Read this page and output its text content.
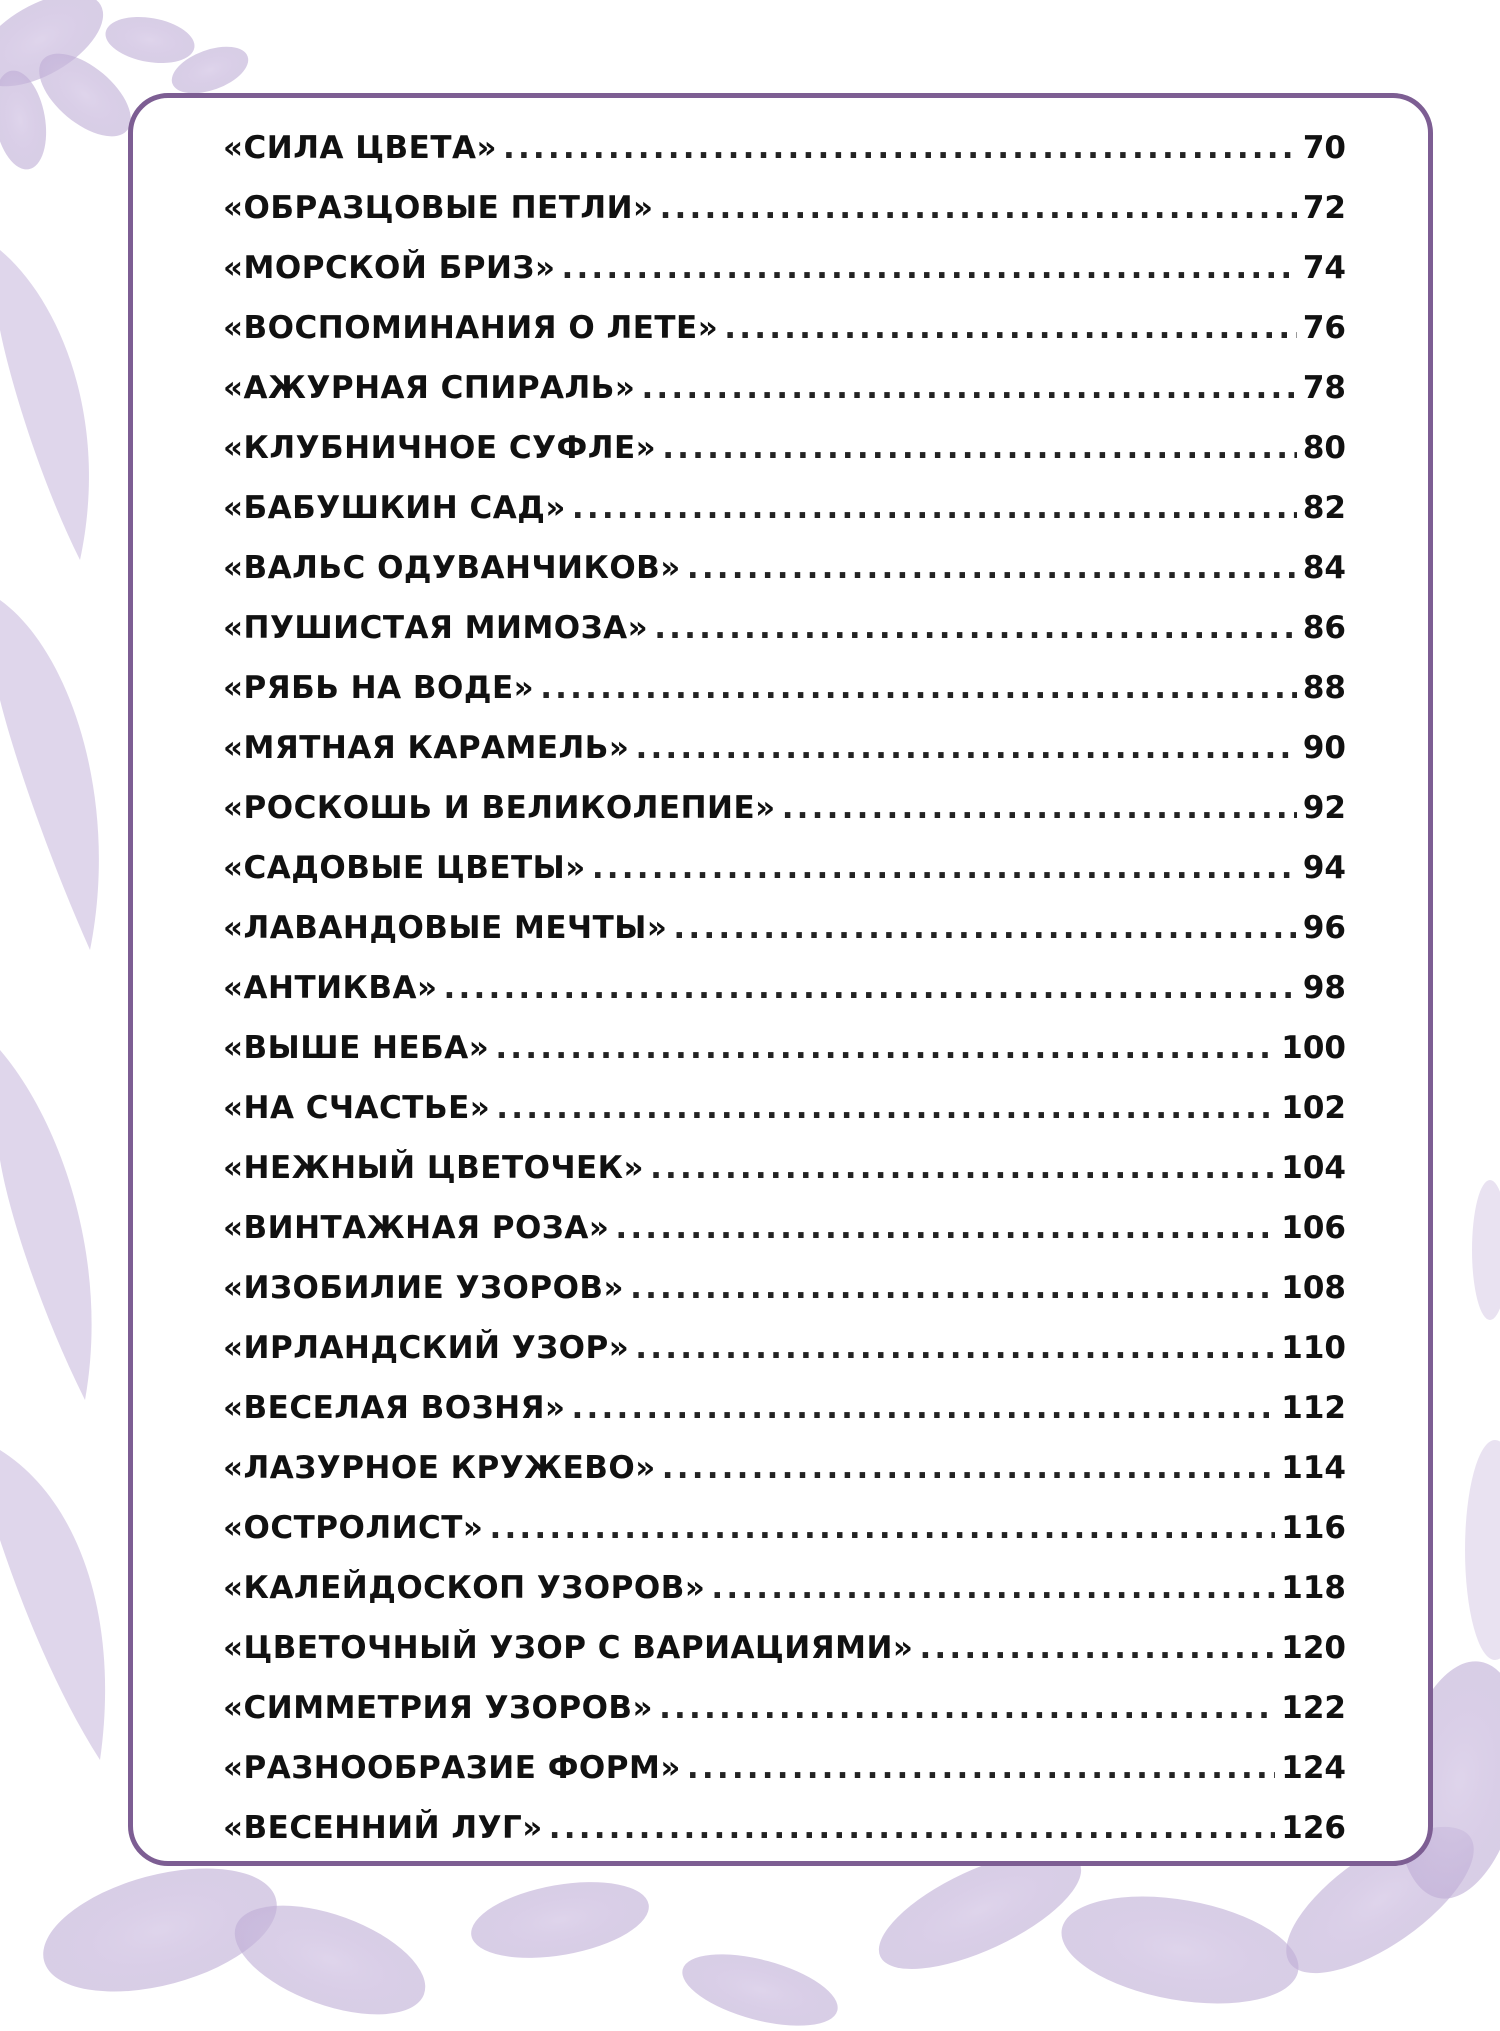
«СИЛА ЦВЕТА» .....	70
«ОБРАЗЦОВЫЕ ПЕТЛИ» .....	72
«МОРСКОЙ БРИЗ» .....	74
«ВОСПОМИНАНИЯ О ЛЕТЕ» .....	76
«АЖУРНАЯ СПИРАЛЬ» .....	78
«КЛУБНИЧНОЕ СУФЛЕ» .....	80
«БАБУШКИН САД» .....	82
«ВАЛЬС ОДУВАНЧИКОВ» .....	84
«ПУШИСТАЯ МИМОЗА» .....	86
«РЯБЬ НА ВОДЕ» .....	88
«МЯТНАЯ КАРАМЕЛЬ» .....	90
«РОСКОШЬ И ВЕЛИКОЛЕПИЕ» .....	92
«САДОВЫЕ ЦВЕТЫ» .....	94
«ЛАВАНДОВЫЕ МЕЧТЫ» .....	96
«АНТИКВА» .....	98
«ВЫШЕ НЕБА» .....	100
«НА СЧАСТЬЕ» .....	102
«НЕЖНЫЙ ЦВЕТОЧЕК» .....	104
«ВИНТАЖНАЯ РОЗА» .....	106
«ИЗОБИЛИЕ УЗОРОВ» .....	108
«ИРЛАНДСКИЙ УЗОР» .....	110
«ВЕСЕЛАЯ ВОЗНЯ» .....	112
«ЛАЗУРНОЕ КРУЖЕВО» .....	114
«ОСТРОЛИСТ» .....	116
«КАЛЕЙДОСКОП УЗОРОВ» .....	118
«ЦВЕТОЧНЫЙ УЗОР С ВАРИАЦИЯМИ» .....	120
«СИММЕТРИЯ УЗОРОВ» .....	122
«РАЗНООБРАЗИЕ ФОРМ» .....	124
«ВЕСЕННИЙ ЛУГ» .....	126
